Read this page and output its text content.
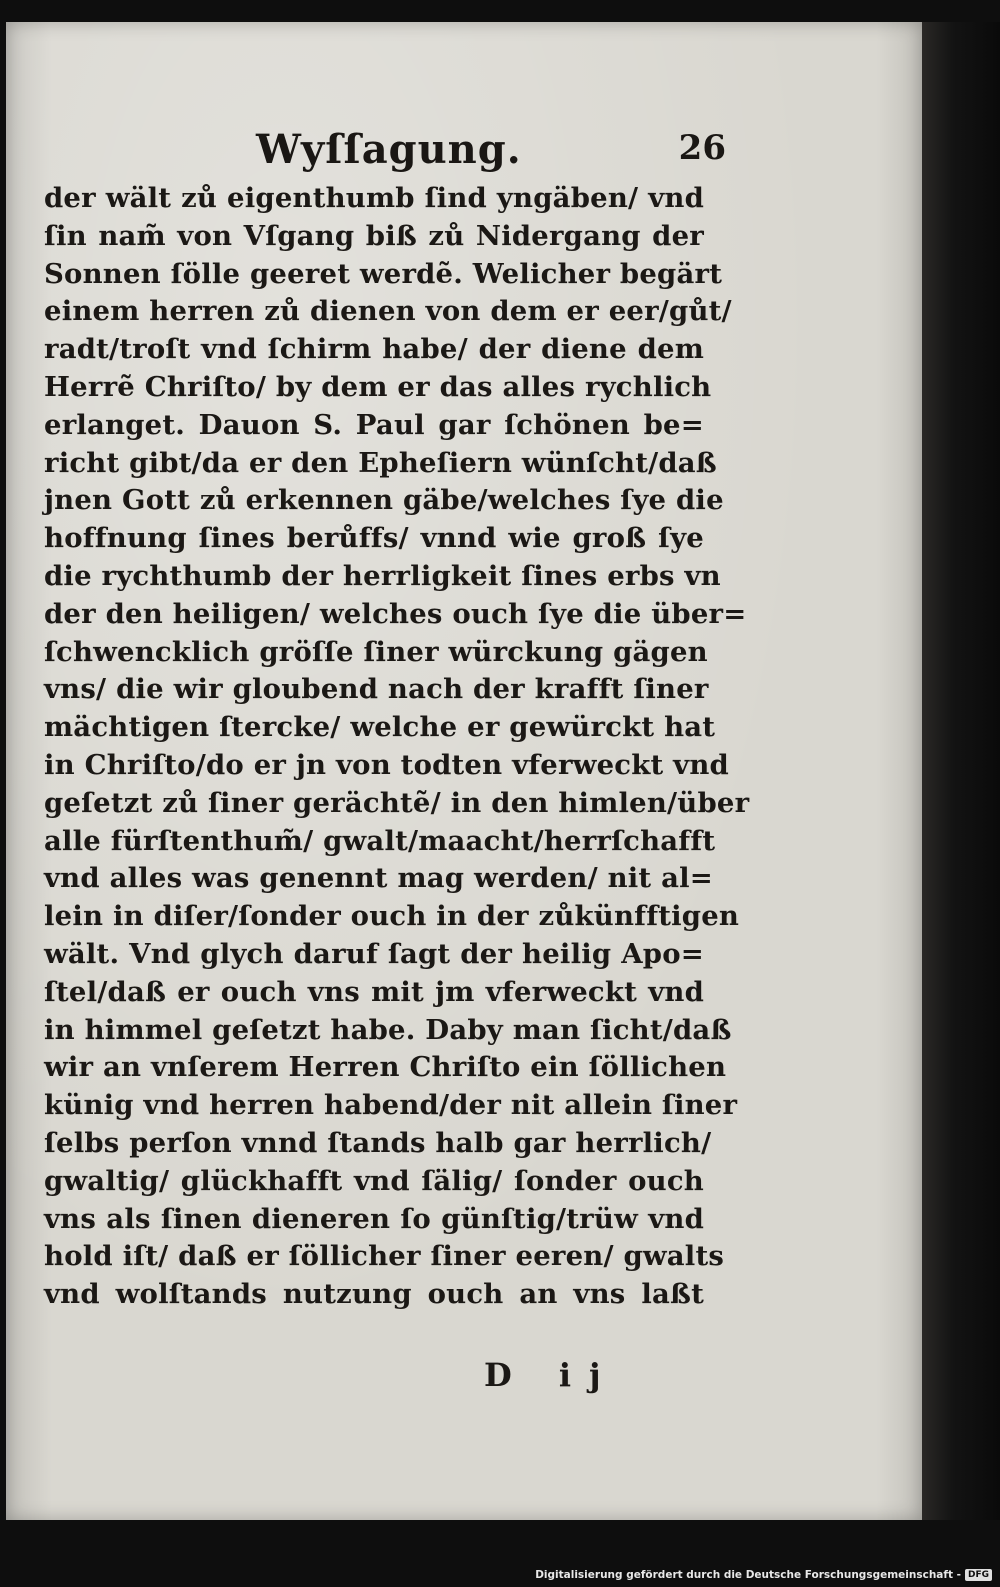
Wyſſagung.	26
der wält zů eigenthumb ſind yngäben/ vnd
ſin nam̃ von Vſgang biß zů Nidergang der
Sonnen ſölle geeret werdẽ. Welicher begärt
einem herren zů dienen von dem er eer/gůt/
radt/troſt vnd ſchirm habe/ der diene dem
Herrẽ Chriſto/ by dem er das alles rychlich
erlanget. Dauon S. Paul gar ſchönen be=
richt gibt/da er den Epheſiern wünſcht/daß
jnen Gott zů erkennen gäbe/welches ſye die
hoffnung ſines berůffs/ vnnd wie groß ſye
die rychthumb der herrligkeit ſines erbs vn
der den heiligen/ welches ouch ſye die über=
ſchwencklich gröſſe ſiner würckung gägen
vns/ die wir gloubend nach der krafft ſiner
mächtigen ſtercke/ welche er gewürckt hat
in Chriſto/do er jn von todten vferweckt vnd
geſetzt zů ſiner gerächtẽ/ in den himlen/über
alle fürſtenthum̃/ gwalt/maacht/herrſchafft
vnd alles was genennt mag werden/ nit al=
lein in diſer/ſonder ouch in der zůkünfftigen
wält. Vnd glych daruf ſagt der heilig Apo=
ſtel/daß er ouch vns mit jm vferweckt vnd
in himmel geſetzt habe. Daby man ſicht/daß
wir an vnſerem Herren Chriſto ein ſöllichen
künig vnd herren habend/der nit allein ſiner
ſelbs perſon vnnd ſtands halb gar herrlich/
gwaltig/ glückhafft vnd ſälig/ ſonder ouch
vns als ſinen dieneren ſo günſtig/trüw vnd
hold iſt/ daß er ſöllicher ſiner eeren/ gwalts
vnd wolſtands nutzung ouch an vns laßt
D ij
Digitalisierung gefördert durch die Deutsche Forschungsgemeinschaft - DFG
